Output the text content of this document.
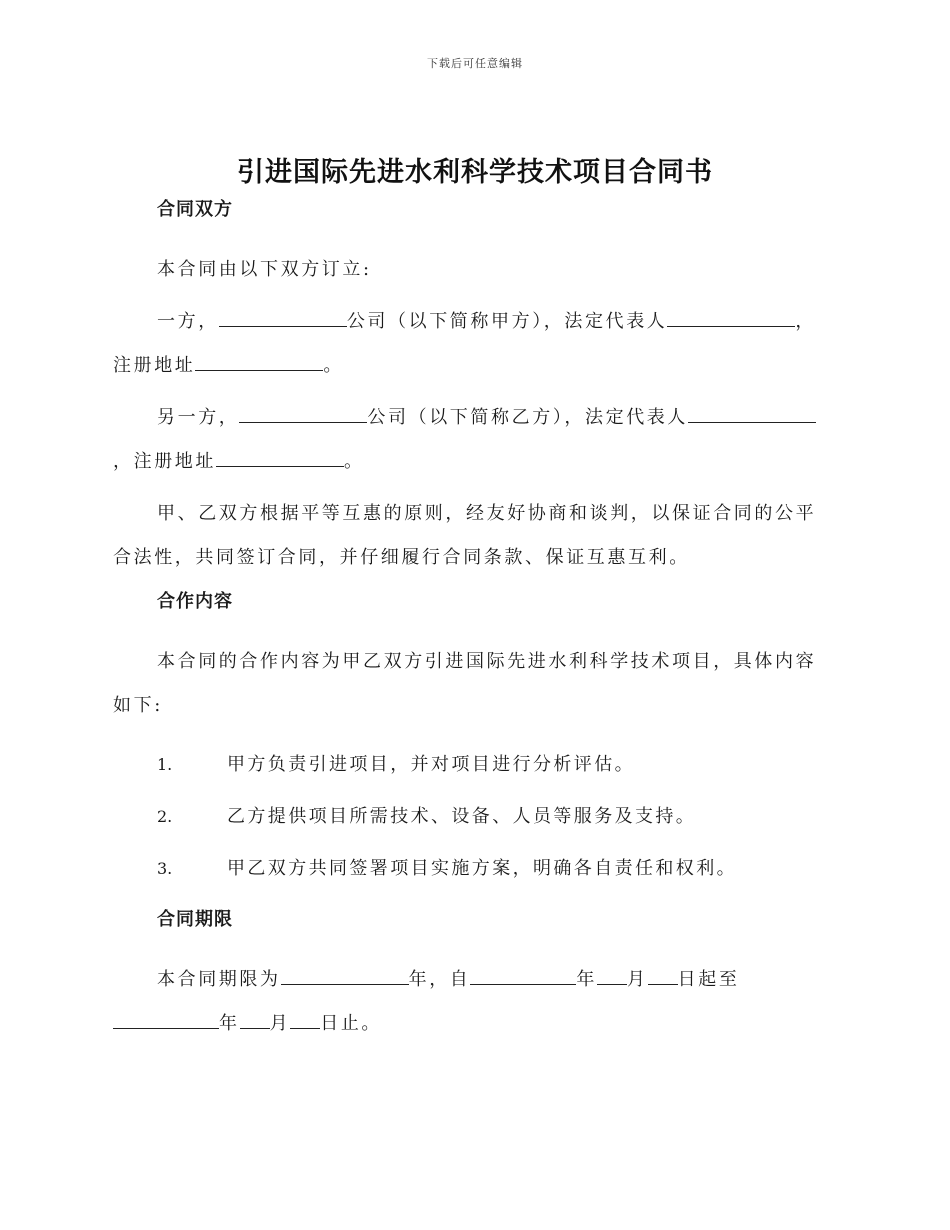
下载后可任意编辑
引进国际先进水利科学技术项目合同书
合同双方

本合同由以下双方订立:

一方，	公司（以下简称甲方），法定代表人	，注册地址	。

另一方，	公司（以下简称乙方），法定代表人，注册地址	。

甲、乙双方根据平等互惠的原则，经友好协商和谈判，以保证合同的公平合法性，共同签订合同，并仔细履行合同条款、保证互惠互利。

合作内容

本合同的合作内容为甲乙双方引进国际先进水利科学技术项目，具体内容如下:

1.	甲方负责引进项目，并对项目进行分析评估。
2.	乙方提供项目所需技术、设备、人员等服务及支持。
3.	甲乙双方共同签署项目实施方案，明确各自责任和权利。
合同期限

本合同期限为	年，自	年 月 日起至年 月 日止。
